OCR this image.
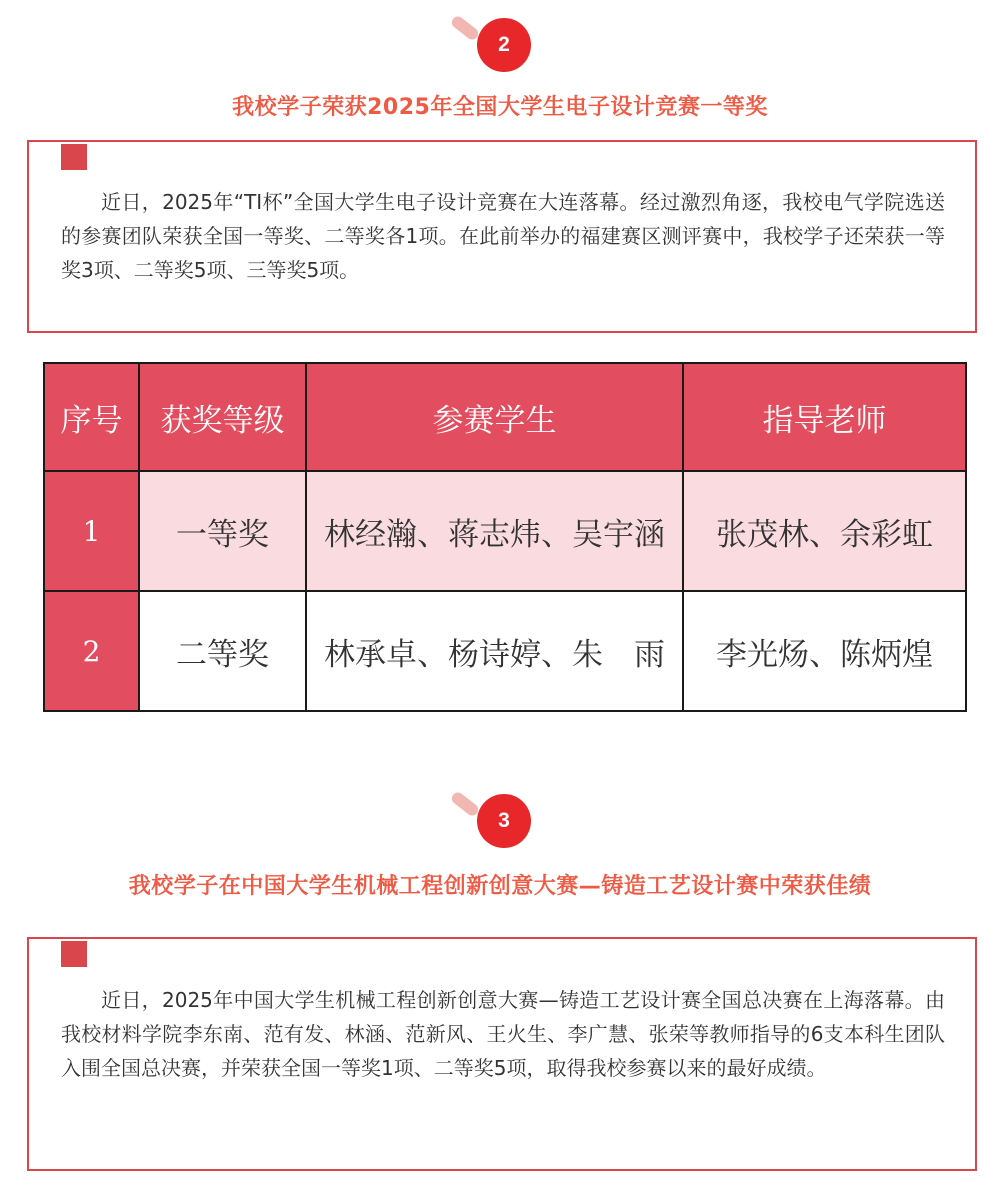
2
我校学子荣获2025年全国大学生电子设计竞赛一等奖

近日，2025年“TI杯”全国大学生电子设计竞赛在大连落幕。经过激烈角逐，我校电气学院选送的参赛团队荣获全国一等奖、二等奖各1项。在此前举办的福建赛区测评赛中，我校学子还荣获一等奖3项、二等奖5项、三等奖5项。

序号	获奖等级	参赛学生	指导老师
1	一等奖	林经瀚、蒋志炜、吴宇涵	张茂林、余彩虹
2	二等奖	林承卓、杨诗婷、朱　雨	李光炀、陈炳煌
3
我校学子在中国大学生机械工程创新创意大赛—铸造工艺设计赛中荣获佳绩

近日，2025年中国大学生机械工程创新创意大赛—铸造工艺设计赛全国总决赛在上海落幕。由我校材料学院李东南、范有发、林涵、范新风、王火生、李广慧、张荣等教师指导的6支本科生团队入围全国总决赛，并荣获全国一等奖1项、二等奖5项，取得我校参赛以来的最好成绩。
